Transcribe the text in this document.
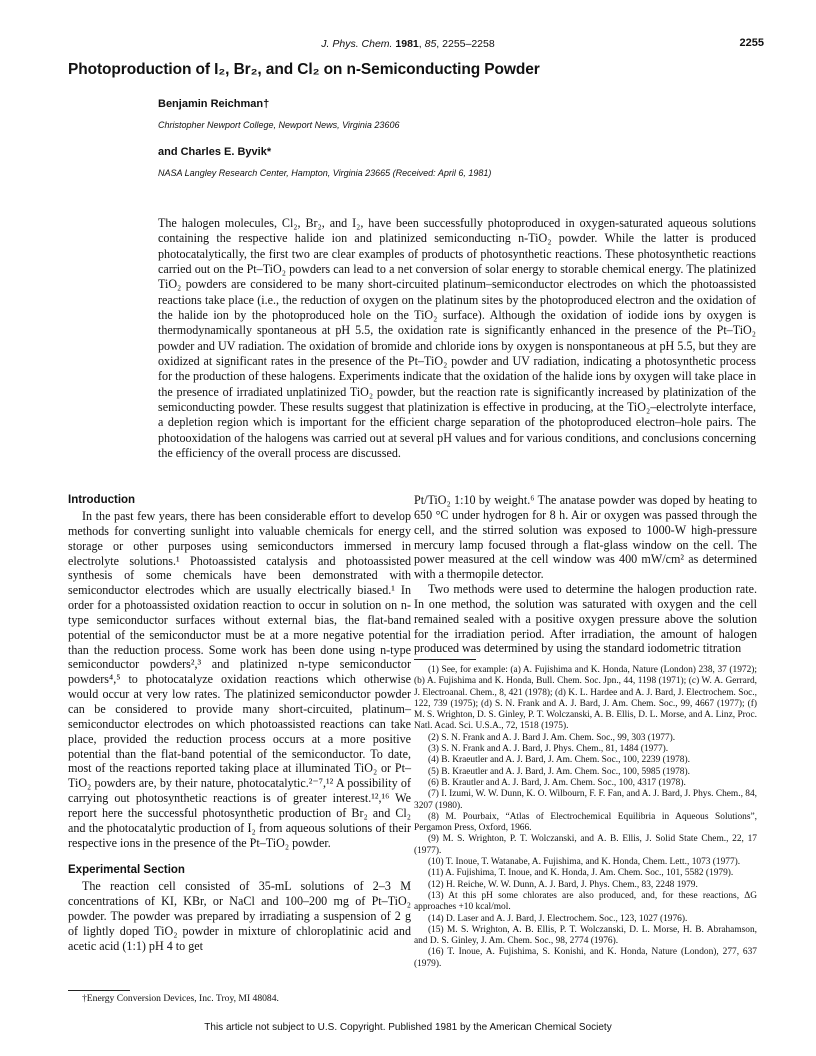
J. Phys. Chem. 1981, 85, 2255–2258	2255
Photoproduction of I₂, Br₂, and Cl₂ on n-Semiconducting Powder
Benjamin Reichman†
Christopher Newport College, Newport News, Virginia 23606
and Charles E. Byvik*
NASA Langley Research Center, Hampton, Virginia 23665 (Received: April 6, 1981)
The halogen molecules, Cl₂, Br₂, and I₂, have been successfully photoproduced in oxygen-saturated aqueous solutions containing the respective halide ion and platinized semiconducting n-TiO₂ powder. While the latter is produced photocatalytically, the first two are clear examples of products of photosynthetic reactions. These photosynthetic reactions carried out on the Pt–TiO₂ powders can lead to a net conversion of solar energy to storable chemical energy. The platinized TiO₂ powders are considered to be many short-circuited platinum–semiconductor electrodes on which the photoassisted reactions take place (i.e., the reduction of oxygen on the platinum sites by the photoproduced electron and the oxidation of the halide ion by the photoproduced hole on the TiO₂ surface). Although the oxidation of iodide ions by oxygen is thermodynamically spontaneous at pH 5.5, the oxidation rate is significantly enhanced in the presence of the Pt–TiO₂ powder and UV radiation. The oxidation of bromide and chloride ions by oxygen is nonspontaneous at pH 5.5, but they are oxidized at significant rates in the presence of the Pt–TiO₂ powder and UV radiation, indicating a photosynthetic process for the production of these halogens. Experiments indicate that the oxidation of the halide ions by oxygen will take place in the presence of irradiated unplatinized TiO₂ powder, but the reaction rate is significantly increased by platinization of the semiconducting powder. These results suggest that platinization is effective in producing, at the TiO₂–electrolyte interface, a depletion region which is important for the efficient charge separation of the photoproduced electron–hole pairs. The photooxidation of the halogens was carried out at several pH values and for various conditions, and conclusions concerning the efficiency of the overall process are discussed.
Introduction

In the past few years, there has been considerable effort to develop methods for converting sunlight into valuable chemicals for energy storage or other purposes using semiconductors immersed in electrolyte solutions.¹ Photoassisted catalysis and photoassisted synthesis of some chemicals have been demonstrated with semiconductor electrodes which are usually electrically biased.¹ In order for a photoassisted oxidation reaction to occur in solution on n-type semiconductor surfaces without external bias, the flat-band potential of the semiconductor must be at a more negative potential than the reduction process. Some work has been done using n-type semiconductor powders²,³ and platinized n-type semiconductor powders⁴,⁵ to photocatalyze oxidation reactions which otherwise would occur at very low rates. The platinized semiconductor powder can be considered to provide many short-circuited, platinum–semiconductor electrodes on which photoassisted reactions can take place, provided the reduction process occurs at a more positive potential than the flat-band potential of the semiconductor. To date, most of the reactions reported taking place at illuminated TiO₂ or Pt–TiO₂ powders are, by their nature, photocatalytic.²⁻⁷,¹² A possibility of carrying out photosynthetic reactions is of greater interest.¹²,¹⁶ We report here the successful photosynthetic production of Br₂ and Cl₂ and the photocatalytic production of I₂ from aqueous solutions of their respective ions in the presence of the Pt–TiO₂ powder.

Experimental Section

The reaction cell consisted of 35-mL solutions of 2–3 M concentrations of KI, KBr, or NaCl and 100–200 mg of Pt–TiO₂ powder. The powder was prepared by irradiating a suspension of 2 g of lightly doped TiO₂ powder in mixture of chloroplatinic acid and acetic acid (1:1) pH 4 to get

†Energy Conversion Devices, Inc. Troy, MI 48084.

Pt/TiO₂ 1:10 by weight.⁶ The anatase powder was doped by heating to 650 °C under hydrogen for 8 h. Air or oxygen was passed through the cell, and the stirred solution was exposed to 1000-W high-pressure mercury lamp focused through a flat-glass window on the cell. The power measured at the cell window was 400 mW/cm² as determined with a thermopile detector.

Two methods were used to determine the halogen production rate. In one method, the solution was saturated with oxygen and the cell remained sealed with a positive oxygen pressure above the solution for the irradiation period. After irradiation, the amount of halogen produced was determined by using the standard iodometric titration

(1) See, for example: (a) A. Fujishima and K. Honda, Nature (London) 238, 37 (1972); (b) A. Fujishima and K. Honda, Bull. Chem. Soc. Jpn., 44, 1198 (1971); (c) W. A. Gerrard, J. Electroanal. Chem., 8, 421 (1978); (d) K. L. Hardee and A. J. Bard, J. Electrochem. Soc., 122, 739 (1975); (d) S. N. Frank and A. J. Bard, J. Am. Chem. Soc., 99, 4667 (1977); (f) M. S. Wrighton, D. S. Ginley, P. T. Wolczanski, A. B. Ellis, D. L. Morse, and A. Linz, Proc. Natl. Acad. Sci. U.S.A., 72, 1518 (1975).

(2) S. N. Frank and A. J. Bard J. Am. Chem. Soc., 99, 303 (1977).

(3) S. N. Frank and A. J. Bard, J. Phys. Chem., 81, 1484 (1977).

(4) B. Kraeutler and A. J. Bard, J. Am. Chem. Soc., 100, 2239 (1978).

(5) B. Kraeutler and A. J. Bard, J. Am. Chem. Soc., 100, 5985 (1978).

(6) B. Krautler and A. J. Bard, J. Am. Chem. Soc., 100, 4317 (1978).

(7) I. Izumi, W. W. Dunn, K. O. Wilbourn, F. F. Fan, and A. J. Bard, J. Phys. Chem., 84, 3207 (1980).

(8) M. Pourbaix, “Atlas of Electrochemical Equilibria in Aqueous Solutions”, Pergamon Press, Oxford, 1966.

(9) M. S. Wrighton, P. T. Wolczanski, and A. B. Ellis, J. Solid State Chem., 22, 17 (1977).

(10) T. Inoue, T. Watanabe, A. Fujishima, and K. Honda, Chem. Lett., 1073 (1977).

(11) A. Fujishima, T. Inoue, and K. Honda, J. Am. Chem. Soc., 101, 5582 (1979).

(12) H. Reiche, W. W. Dunn, A. J. Bard, J. Phys. Chem., 83, 2248 1979.

(13) At this pH some chlorates are also produced, and, for these reactions, ΔG approaches +10 kcal/mol.

(14) D. Laser and A. J. Bard, J. Electrochem. Soc., 123, 1027 (1976).

(15) M. S. Wrighton, A. B. Ellis, P. T. Wolczanski, D. L. Morse, H. B. Abrahamson, and D. S. Ginley, J. Am. Chem. Soc., 98, 2774 (1976).

(16) T. Inoue, A. Fujishima, S. Konishi, and K. Honda, Nature (London), 277, 637 (1979).

This article not subject to U.S. Copyright. Published 1981 by the American Chemical Society
